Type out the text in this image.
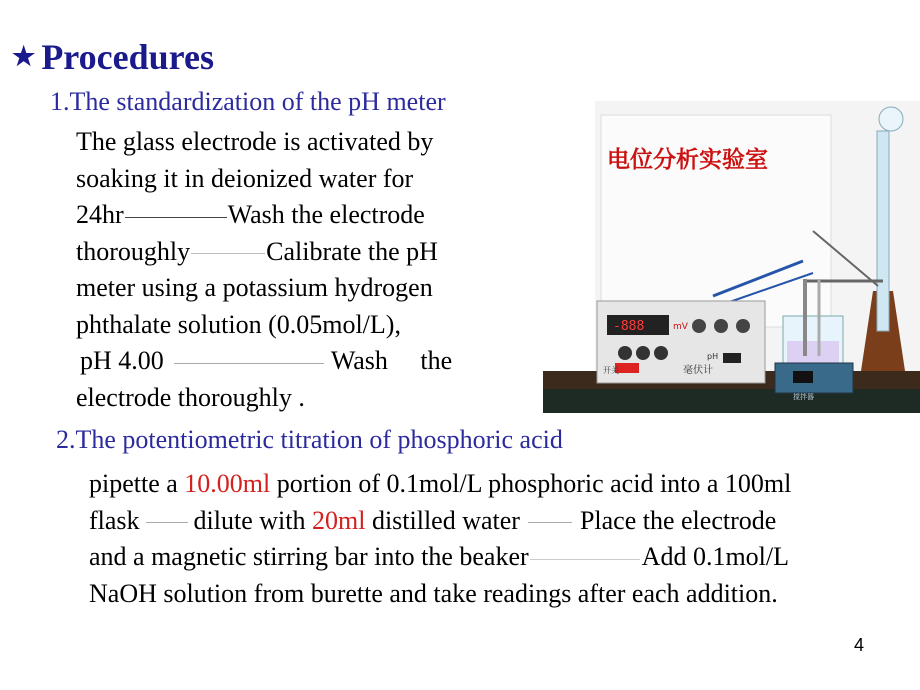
★ Procedures
1.The standardization of the pH meter
The glass electrode is activated by
soaking it in deionized water for
24hr	Wash the electrode
thoroughly	Calibrate the pH
meter using a potassium hydrogen
phthalate solution (0.05mol/L),
pH 4.00	Wash     the
electrode thoroughly .
电位分析实验室
-888	mV
开关	毫伏计
pH
搅拌器
2.The potentiometric titration of phosphoric acid
pipette a 10.00ml portion of 0.1mol/L phosphoric acid into a 100ml
flask dilute with 20ml distilled water Place the electrode
and a magnetic stirring bar into the beaker	Add 0.1mol/L
NaOH solution from burette and take readings after each addition.
4
